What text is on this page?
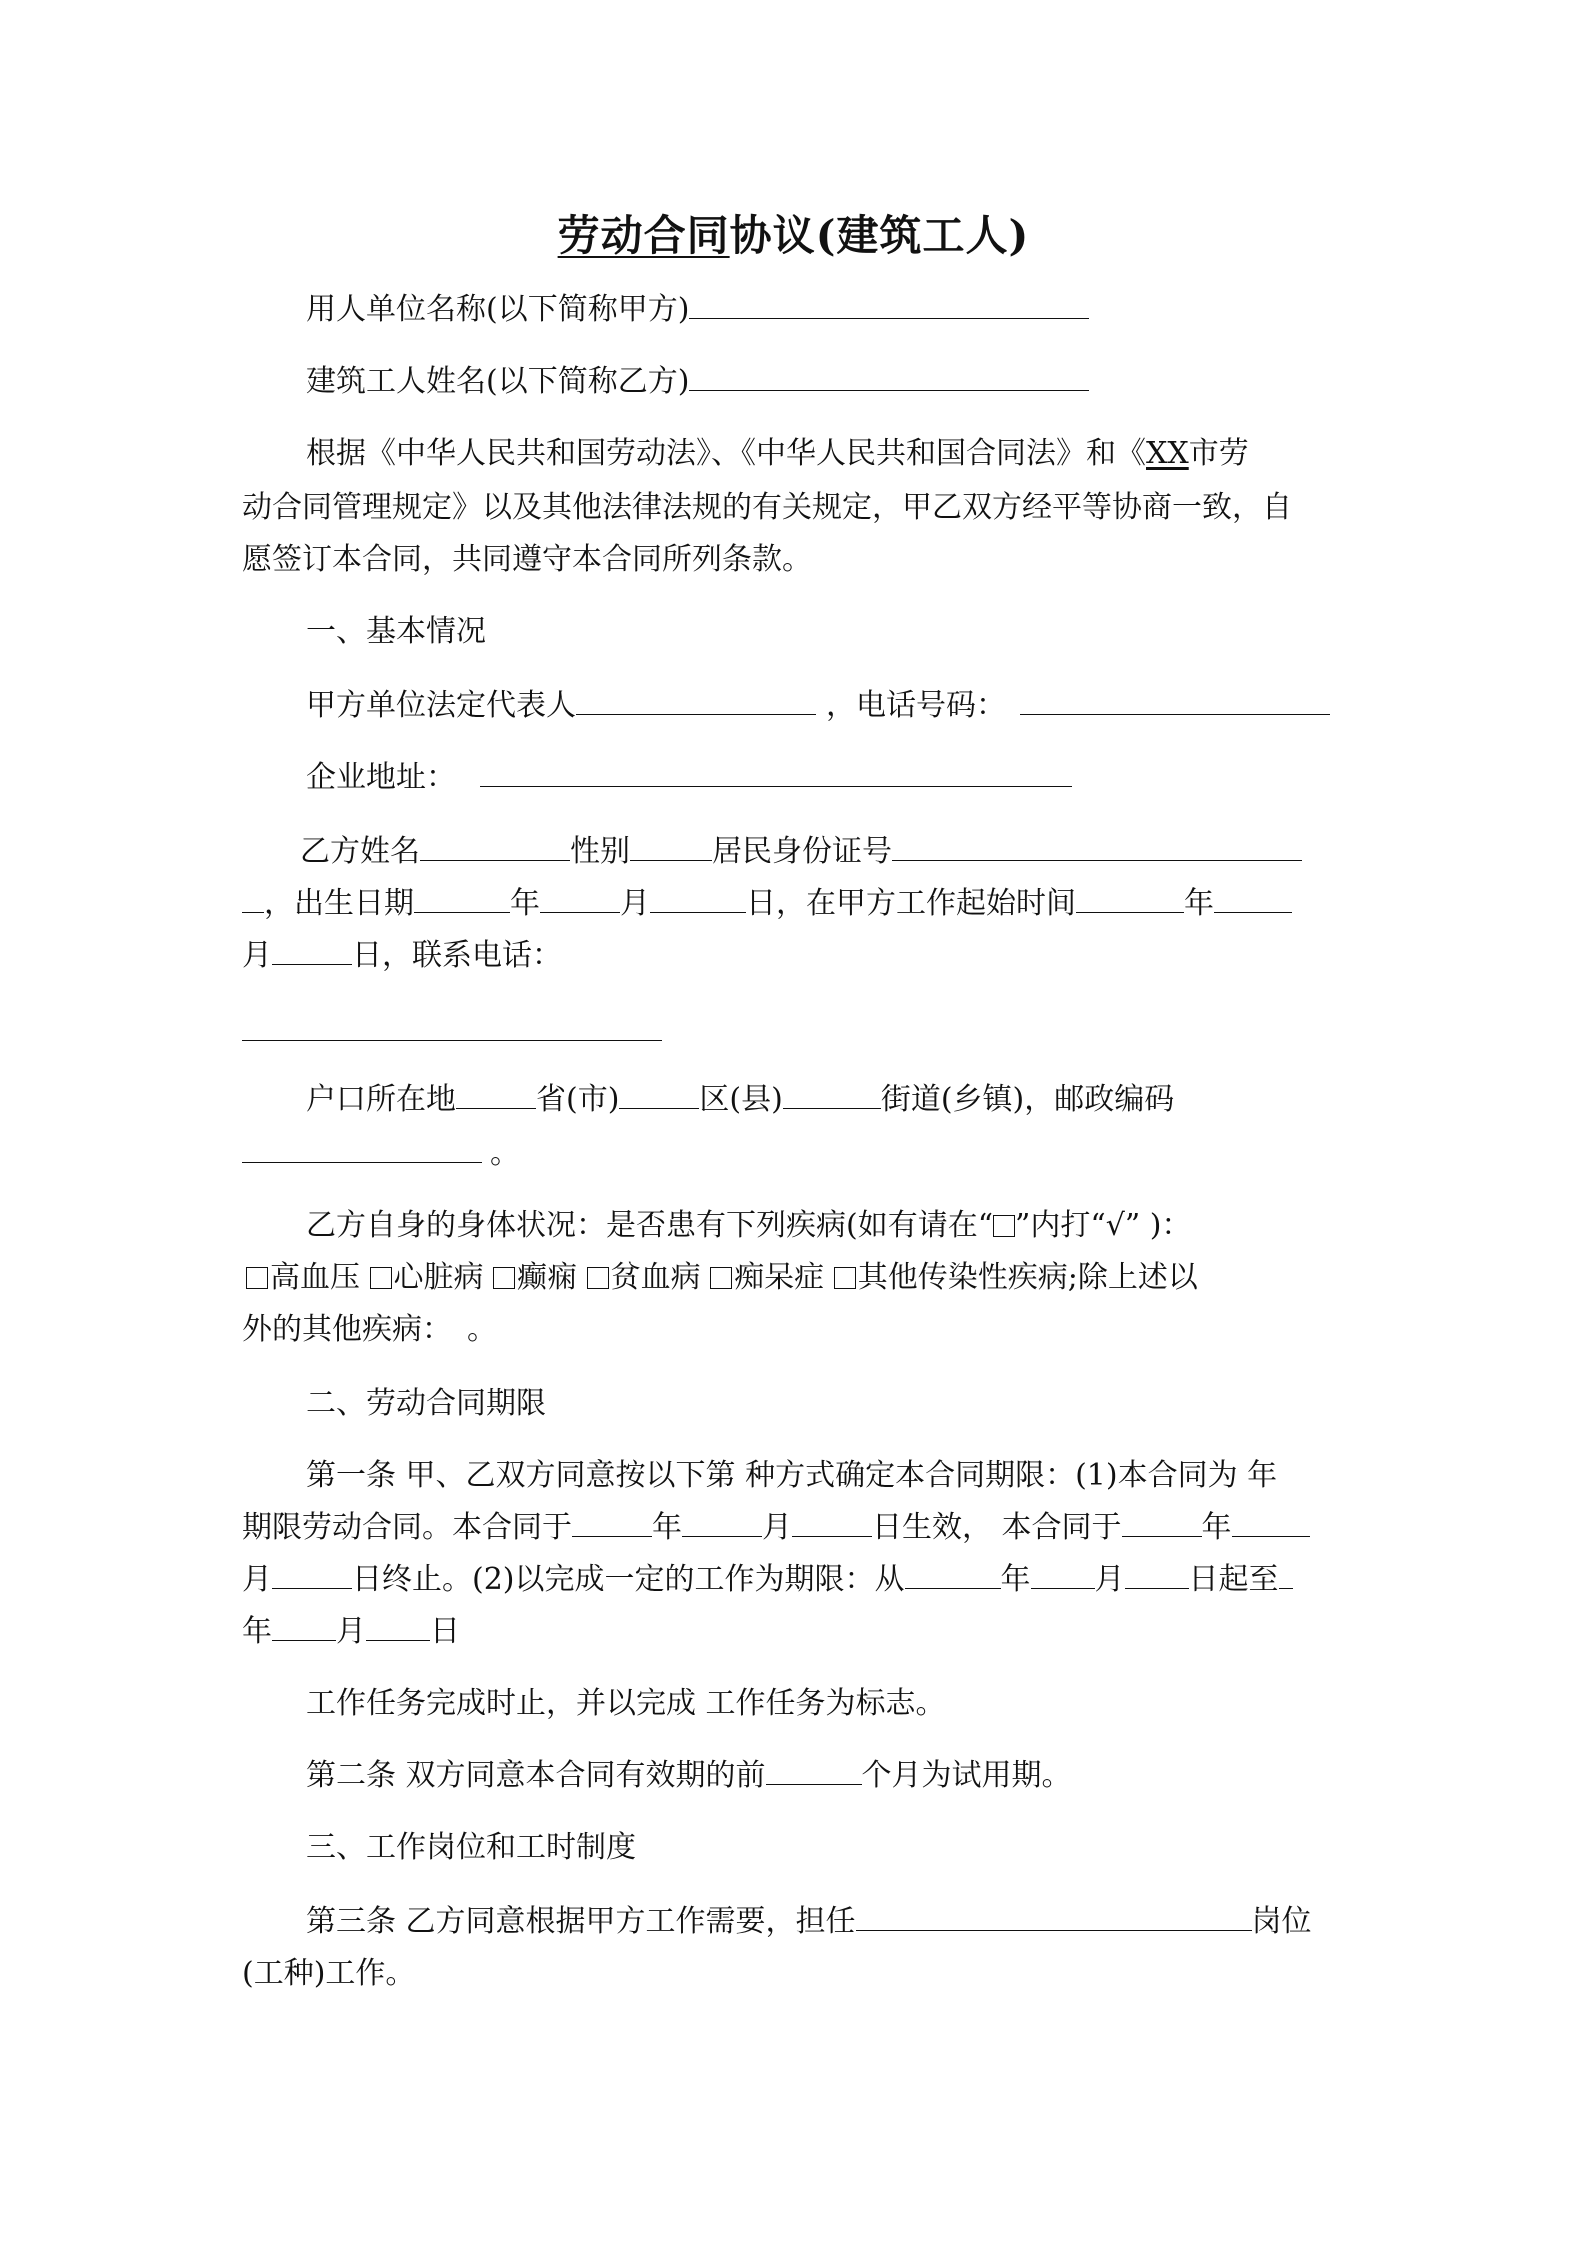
劳动合同协议(建筑工人)
用人单位名称(以下简称甲方)
建筑工人姓名(以下简称乙方)
根据《中华人民共和国劳动法》、《中华人民共和国合同法》和《XX市劳
动合同管理规定》以及其他法律法规的有关规定，甲乙双方经平等协商一致，自
愿签订本合同，共同遵守本合同所列条款。
一、基本情况
甲方单位法定代表人	，电话号码：
企业地址：
乙方姓名	性别	居民身份证号
，出生日期	年	月	日，在甲方工作起始时间	年
月	日，联系电话：
户口所在地	省(市)	区(县)	街道(乡镇)，邮政编码
。
乙方自身的身体状况：是否患有下列疾病(如有请在“ ”内打“√” )：
高血压 心脏病 癫痫 贫血病 痴呆症 其他传染性疾病;除上述以
外的其他疾病：　。
二、劳动合同期限
第一条 甲、乙双方同意按以下第 种方式确定本合同期限：(1)本合同为 年
期限劳动合同。本合同于	年	月	日生效， 本合同于	年
月	日终止。(2)以完成一定的工作为期限：从	年 月 日起至
年 月 日
工作任务完成时止，并以完成 工作任务为标志。
第二条 双方同意本合同有效期的前	个月为试用期。
三、工作岗位和工时制度
第三条 乙方同意根据甲方工作需要，担任	岗位
(工种)工作。
